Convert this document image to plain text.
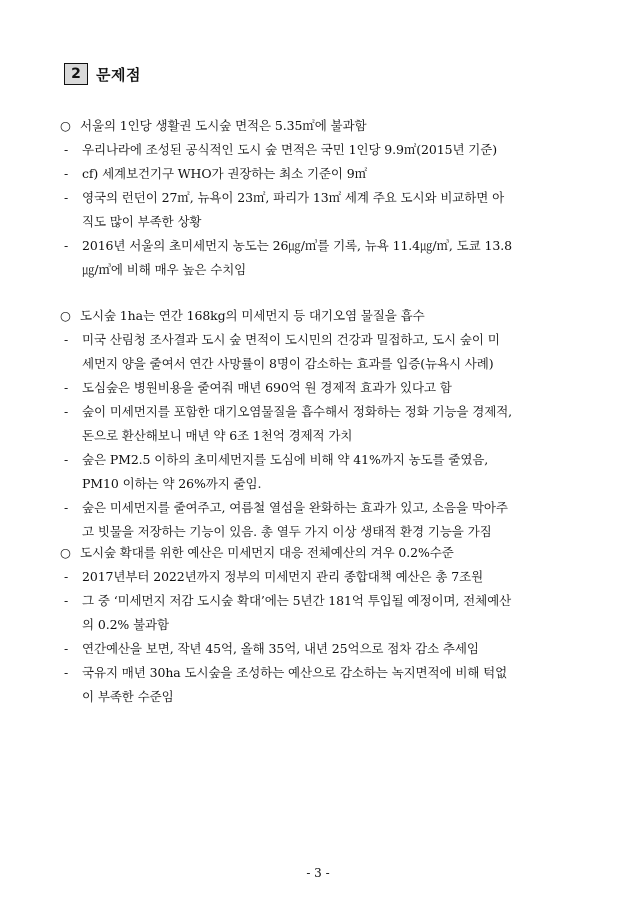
2	문제점
○ 서울의 1인당 생활권 도시숲 면적은 5.35㎡에 불과함
-	우리나라에 조성된 공식적인 도시 숲 면적은 국민 1인당 9.9㎡(2015년 기준)
-	cf) 세계보건기구 WHO가 권장하는 최소 기준이 9㎡
-	영국의 런던이 27㎡, 뉴욕이 23㎡, 파리가 13㎡ 세계 주요 도시와 비교하면 아
직도 많이 부족한 상황
-	2016년 서울의 초미세먼지 농도는 26㎍/㎥를 기록, 뉴욕 11.4㎍/㎥, 도쿄 13.8
㎍/㎥에 비해 매우 높은 수치임
○ 도시숲 1ha는 연간 168kg의 미세먼지 등 대기오염 물질을 흡수
-	미국 산림청 조사결과 도시 숲 면적이 도시민의 건강과 밀접하고, 도시 숲이 미
세먼지 양을 줄여서 연간 사망률이 8명이 감소하는 효과를 입증(뉴욕시 사례)
-	도심숲은 병원비용을 줄여줘 매년 690억 원 경제적 효과가 있다고 함
-	숲이 미세먼지를 포함한 대기오염물질을 흡수해서 정화하는 정화 기능을 경제적,
돈으로 환산해보니 매년 약 6조 1천억 경제적 가치
-	숲은 PM2.5 이하의 초미세먼지를 도심에 비해 약 41%까지 농도를 줄였음,
PM10 이하는 약 26%까지 줄임.
-	숲은 미세먼지를 줄여주고, 여름철 열섬을 완화하는 효과가 있고, 소음을 막아주
고 빗물을 저장하는 기능이 있음. 총 열두 가지 이상 생태적 환경 기능을 가짐
○ 도시숲 확대를 위한 예산은 미세먼지 대응 전체예산의 겨우 0.2%수준
-	2017년부터 2022년까지 정부의 미세먼지 관리 종합대책 예산은 총 7조원
-	그 중 ‘미세먼지 저감 도시숲 확대’에는 5년간 181억 투입될 예정이며, 전체예산
의 0.2% 불과함
-	연간예산을 보면, 작년 45억, 올해 35억, 내년 25억으로 점차 감소 추세임
-	국유지 매년 30ha 도시숲을 조성하는 예산으로 감소하는 녹지면적에 비해 턱없
이 부족한 수준임
- 3 -
